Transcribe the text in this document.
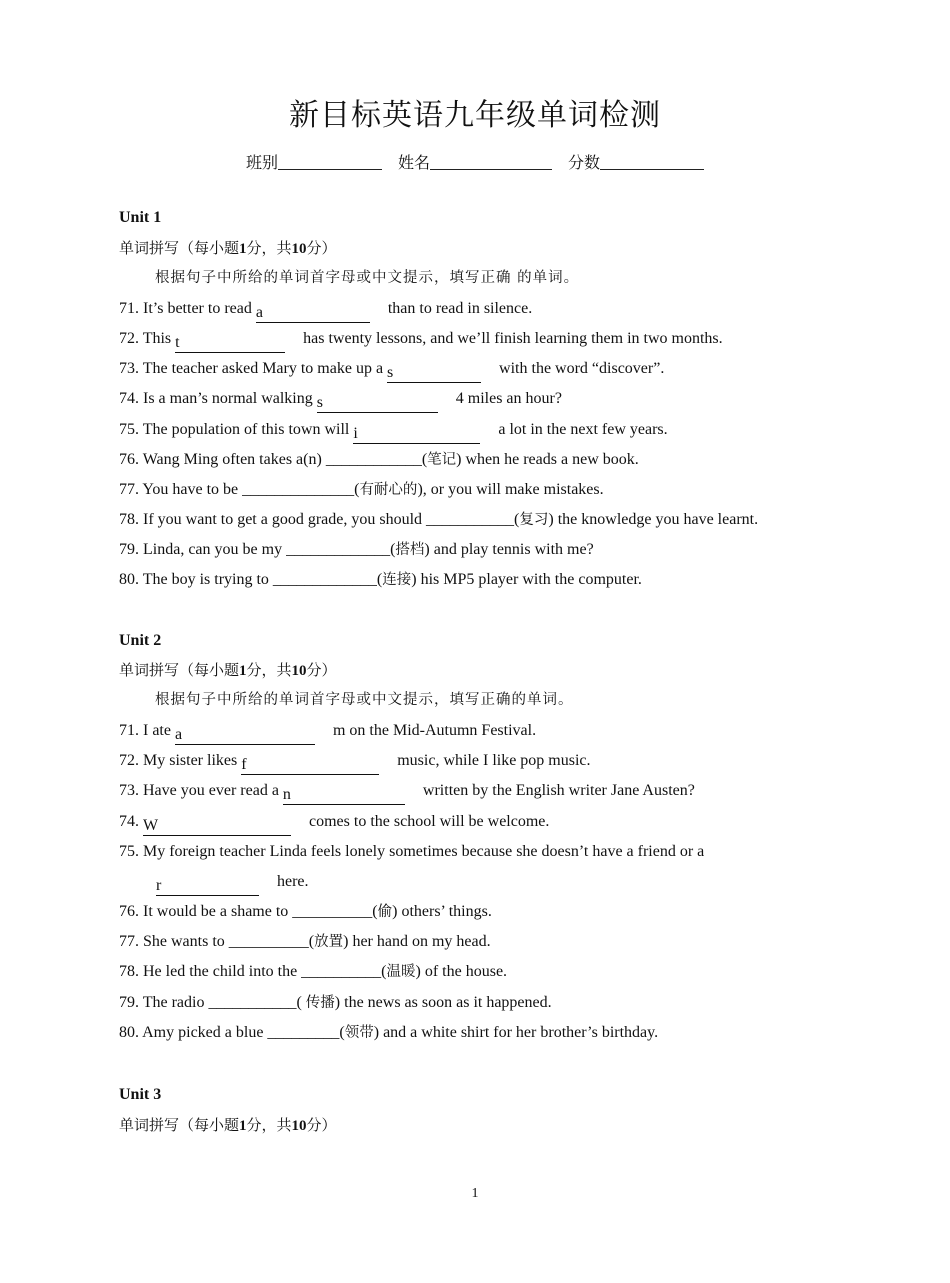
新目标英语九年级单词检测
班别	姓名	分数
Unit 1
单词拼写（每小题1分，共10分）
根据句子中所给的单词首字母或中文提示，填写正确 的单词。
71. It’s better to read a	than to read in silence.
72. This t	has twenty lessons, and we’ll finish learning them in two months.
73. The teacher asked Mary to make up a s	with the word “discover”.
74. Is a man’s normal walking s	4 miles an hour?
75. The population of this town will i	a lot in the next few years.
76. Wang Ming often takes a(n) ____________(笔记) when he reads a new book.
77. You have to be ______________(有耐心的), or you will make mistakes.
78. If you want to get a good grade, you should ___________(复习) the knowledge you have learnt.
79. Linda, can you be my _____________(搭档) and play tennis with me?
80. The boy is trying to _____________(连接) his MP5 player with the computer.
Unit 2
单词拼写（每小题1分，共10分）
根据句子中所给的单词首字母或中文提示，填写正确的单词。
71. I ate a	m on the Mid-Autumn Festival.
72. My sister likes f	music, while I like pop music.
73. Have you ever read a n	written by the English writer Jane Austen?
74. W	comes to the school will be welcome.
75. My foreign teacher Linda feels lonely sometimes because she doesn’t have a friend or a
r	here.
76. It would be a shame to __________(偷) others’ things.
77. She wants to __________(放置) her hand on my head.
78. He led the child into the __________(温暖) of the house.
79. The radio ___________( 传播) the news as soon as it happened.
80. Amy picked a blue _________(领带) and a white shirt for her brother’s birthday.
Unit 3
单词拼写（每小题1分，共10分）
1
